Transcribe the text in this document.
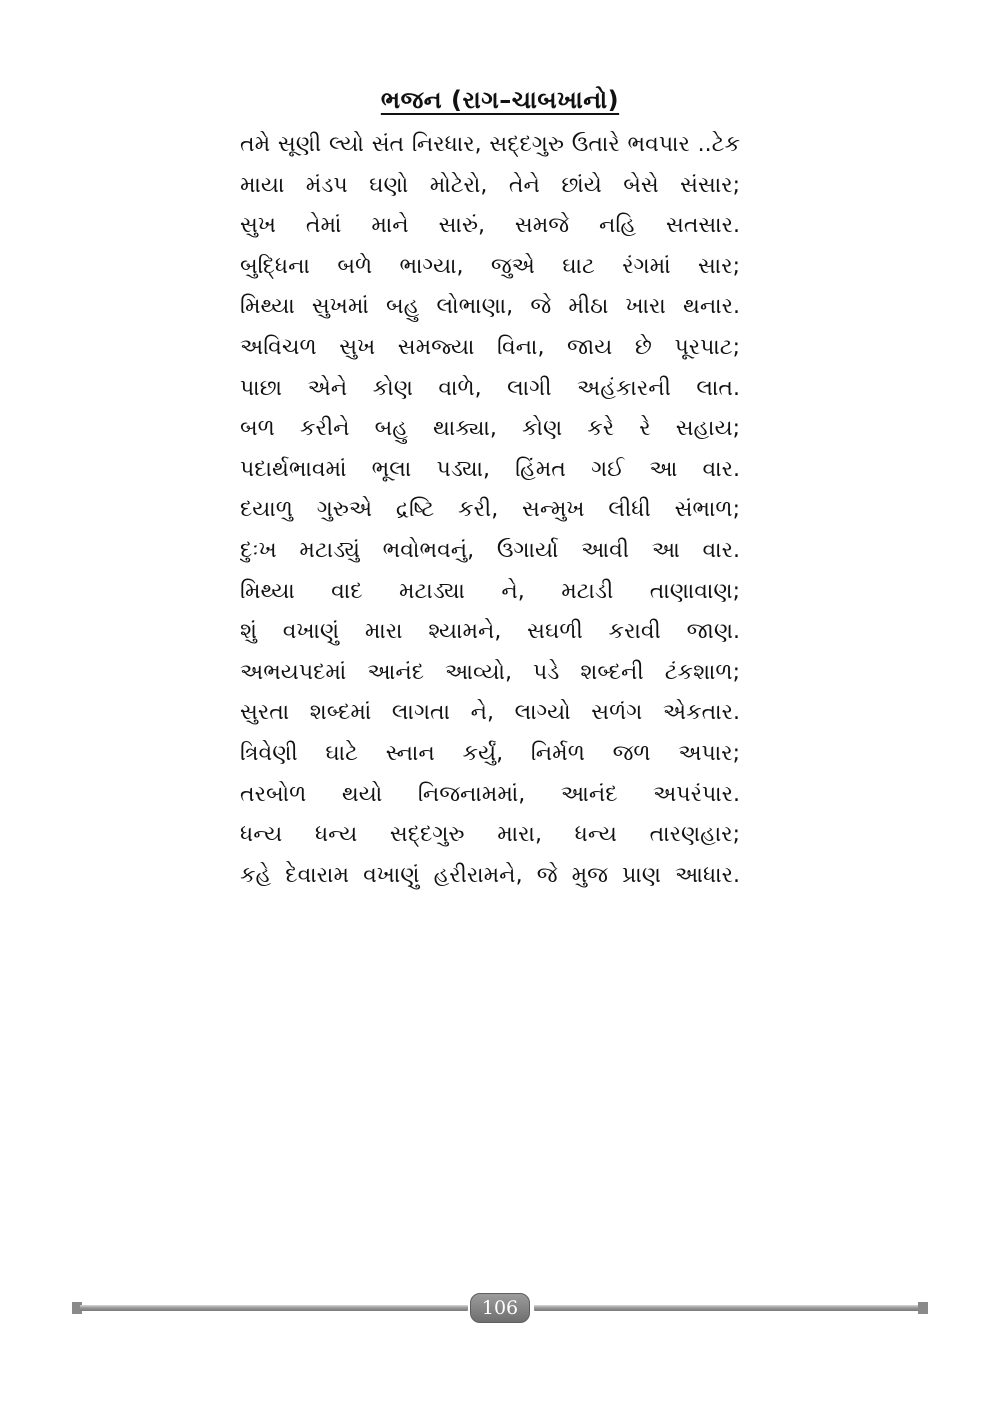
ભજન (રાગ–ચાબખાનો)
તમે સૂણી લ્યો સંત નિરધાર, સદ્દગુરુ ઉતારે ભવપાર ..ટેક
માયા મંડપ ઘણો મોટેરો, તેને છાંયે બેસે સંસાર;
સુખ તેમાં માને સારું, સમજે નહિ સતસાર.
બુદ્ધિના બળે ભાગ્યા, જુએ ઘાટ રંગમાં સાર;
મિથ્યા સુખમાં બહુ લોભાણા, જે મીઠા ખારા થનાર.
અવિચળ સુખ સમજ્યા વિના, જાય છે પૂરપાટ;
પાછા એને કોણ વાળે, લાગી અહંકારની લાત.
બળ કરીને બહુ થાક્યા, કોણ કરે રે સહાય;
પદાર્થભાવમાં ભૂલા પડ્યા, હિંમત ગઈ આ વાર.
દયાળુ ગુરુએ દ્રષ્ટિ કરી, સન્મુખ લીધી સંભાળ;
દુઃખ મટાડ્યું ભવોભવનું, ઉગાર્યા આવી આ વાર.
મિથ્યા વાદ મટાડ્યા ને, મટાડી તાણાવાણ;
શું વખાણું મારા શ્યામને, સઘળી કરાવી જાણ.
અભયપદમાં આનંદ આવ્યો, પડે શબ્દની ટંકશાળ;
સુરતા શબ્દમાં લાગતા ને, લાગ્યો સળંગ એકતાર.
ત્રિવેણી ઘાટે સ્નાન કર્યું, નિર્મળ જળ અપાર;
તરબોળ થયો નિજનામમાં, આનંદ અપરંપાર.
ધન્ય ધન્ય સદ્દગુરુ મારા, ધન્ય તારણહાર;
કહે દેવારામ વખાણું હરીરામને, જે મુજ પ્રાણ આધાર.
106
